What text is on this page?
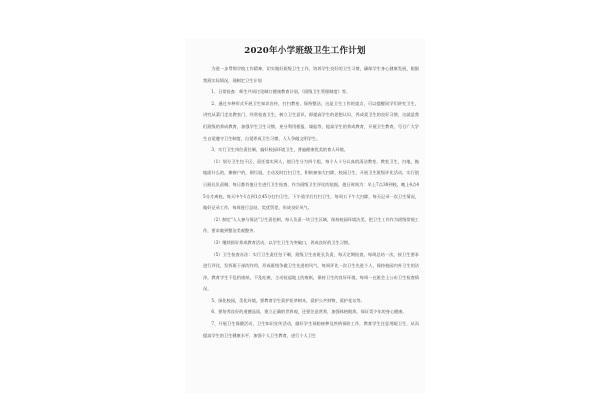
2020年小学班级卫生工作计划

为进一步贯彻学校工作精神，切实做好班级卫生工作，培养学生良好的卫生习惯，确保学生身心健康发展，根据我班实际情况，现制定卫生计划

1、日常检查：师生共同讨论制订健康教育计划，《班级卫生管理制度》等。

2、通过多种形式开展卫生知识宣传，打扫教室，保持整洁，这是卫生工作的重点，可以提醒同学们讲究卫生，讲究从菜门走出教室门，经常检查卫生，树立卫生意识，即提高学生的思想认识，养成爱卫生的良好习惯，这就是我们班级的养成教育，加强学生卫生习惯，充分利用板报、墙报等，提高学生的养成教育，开展卫生教育，号召广大学生自觉遵守卫生制度，自觉养成卫生习惯，人人争做文明学生。

3、实行卫生岗位责任制，搞好校园环境卫生，普遍健康优美的育人环境。

（1）划分卫生包干区，责任落实到人，值日生分为四个组，每个人十分认真的清洁教室，教室卫生，扫地，拖地面什么的，擦窗户的，倒垃圾，主动及时打扫卫生，积极参加大扫除，校园卫生，开展卫生班级评比活动，实行值日班长负责制，每日都有值日生进行卫生检查，作为班级卫生评比的依据，值日时间为：早上7点30到校，晚上4点45分才离校，每天中午1点到1点45分打扫卫生，下午放学后打扫卫生，每周五下午大扫除，每天记录一次卫生情况，做好记录工作，每周进行总结，奖优罚差，形成良好风气。

（2）制定"人人参与保洁"卫生责任制，每人负责一块卫生区域，保持校园环境洁美，把卫生工作作为班级常规工作，要求做到整洁美观整齐。

（3）继续抓好养成教育活动，以学生卫生为突破口，养成良好的卫生习惯。

（5）卫生检查办法：实行卫生责任包干制，班级卫生由班长负责，每天定期检查，每周总结一次，按卫生要求进行评比，发挥班干部的作用，形成班级争做卫生先进的风气，每周评比一次卫生先进个人，保持校园内外卫生的洁净，教育学生不乱扔废纸，不乱吐痰，主动捡起地上的废纸，保持卫生的良好环境，每周一在班会上公布卫生检查情况。

5、绿化校园，美化环境，要教育学生爱护花草树木，爱护公共财物，爱护花坛等。

6、要培养良好的道德品质，建立正确的世界观，还要注意营养，加强体格锻炼，保证青少年的身心健康。

7、开展卫生保健活动，卫生知识宣传活动，做好学生预防接种及疾病预防工作，教育学生注意用眼卫生，从而提高学生的卫生健康水平，加强个人卫生教育，进行个人卫生
